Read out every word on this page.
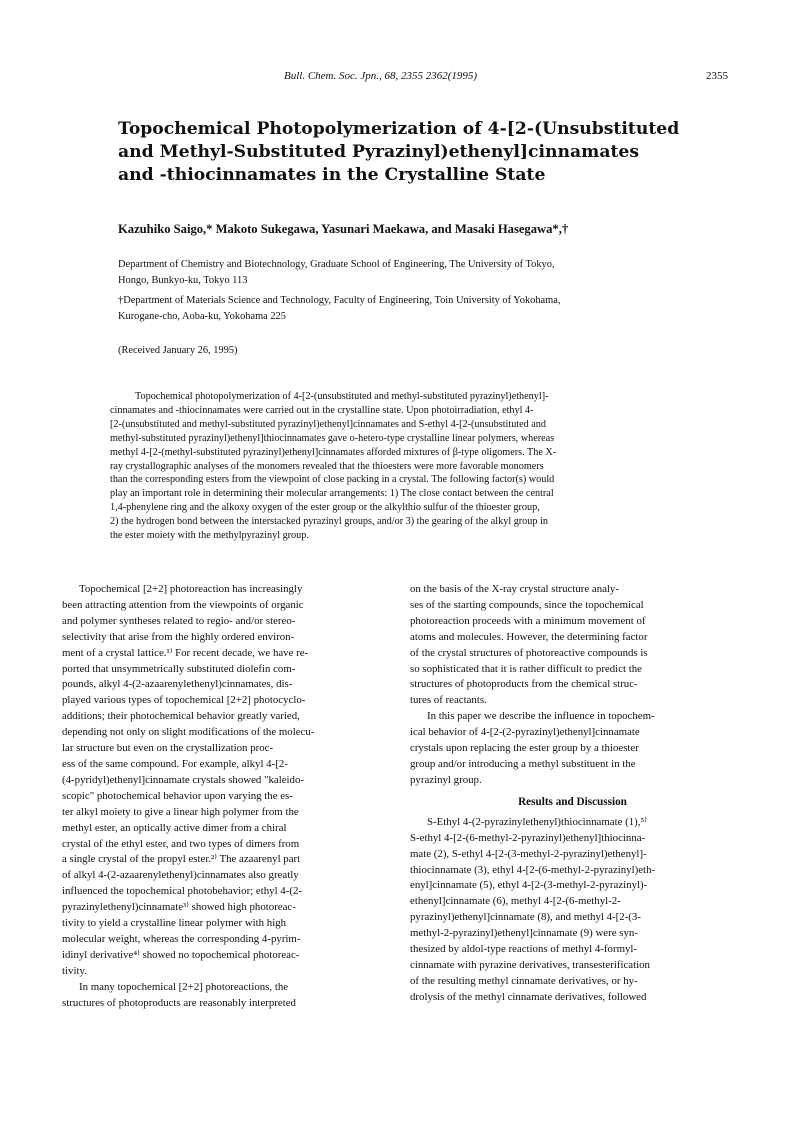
Bull. Chem. Soc. Jpn., 68, 2355 2362(1995)	2355
Topochemical Photopolymerization of 4-[2-(Unsubstituted
and Methyl-Substituted Pyrazinyl)ethenyl]cinnamates
and -thiocinnamates in the Crystalline State

Kazuhiko Saigo,* Makoto Sukegawa, Yasunari Maekawa, and Masaki Hasegawa*,†

Department of Chemistry and Biotechnology, Graduate School of Engineering, The University of Tokyo,
Hongo, Bunkyo-ku, Tokyo 113

†Department of Materials Science and Technology, Faculty of Engineering, Toin University of Yokohama,
Kurogane-cho, Aoba-ku, Yokohama 225

(Received January 26, 1995)

Topochemical photopolymerization of 4-[2-(unsubstituted and methyl-substituted pyrazinyl)ethenyl]-
cinnamates and -thiocinnamates were carried out in the crystalline state. Upon photoirradiation, ethyl 4-
[2-(unsubstituted and methyl-substituted pyrazinyl)ethenyl]cinnamates and S-ethyl 4-[2-(unsubstituted and
methyl-substituted pyrazinyl)ethenyl]thiocinnamates gave o-hetero-type crystalline linear polymers, whereas
methyl 4-[2-(methyl-substituted pyrazinyl)ethenyl]cinnamates afforded mixtures of β-type oligomers. The X-
ray crystallographic analyses of the monomers revealed that the thioesters were more favorable monomers
than the corresponding esters from the viewpoint of close packing in a crystal. The following factor(s) would
play an important role in determining their molecular arrangements: 1) The close contact between the central
1,4-phenylene ring and the alkoxy oxygen of the ester group or the alkylthio sulfur of the thioester group,
2) the hydrogen bond between the interstacked pyrazinyl groups, and/or 3) the gearing of the alkyl group in
the ester moiety with the methylpyrazinyl group.
Topochemical [2+2] photoreaction has increasingly
been attracting attention from the viewpoints of organic
and polymer syntheses related to regio- and/or stereo-
selectivity that arise from the highly ordered environ-
ment of a crystal lattice.¹⁾ For recent decade, we have re-
ported that unsymmetrically substituted diolefin com-
pounds, alkyl 4-(2-azaarenylethenyl)cinnamates, dis-
played various types of topochemical [2+2] photocyclo-
additions; their photochemical behavior greatly varied,
depending not only on slight modifications of the molecu-
lar structure but even on the crystallization proc-
ess of the same compound. For example, alkyl 4-[2-
(4-pyridyl)ethenyl]cinnamate crystals showed "kaleido-
scopic" photochemical behavior upon varying the es-
ter alkyl moiety to give a linear high polymer from the
methyl ester, an optically active dimer from a chiral
crystal of the ethyl ester, and two types of dimers from
a single crystal of the propyl ester.²⁾ The azaarenyl part
of alkyl 4-(2-azaarenylethenyl)cinnamates also greatly
influenced the topochemical photobehavior; ethyl 4-(2-
pyrazinylethenyl)cinnamate³⁾ showed high photoreac-
tivity to yield a crystalline linear polymer with high
molecular weight, whereas the corresponding 4-pyrim-
idinyl derivative⁴⁾ showed no topochemical photoreac-
tivity.
In many topochemical [2+2] photoreactions, the
structures of photoproducts are reasonably interpreted
on the basis of the X-ray crystal structure analy-
ses of the starting compounds, since the topochemical
photoreaction proceeds with a minimum movement of
atoms and molecules. However, the determining factor
of the crystal structures of photoreactive compounds is
so sophisticated that it is rather difficult to predict the
structures of photoproducts from the chemical struc-
tures of reactants.
In this paper we describe the influence in topochem-
ical behavior of 4-[2-(2-pyrazinyl)ethenyl]cinnamate
crystals upon replacing the ester group by a thioester
group and/or introducing a methyl substituent in the
pyrazinyl group.
Results and Discussion
S-Ethyl 4-(2-pyrazinylethenyl)thiocinnamate (1),⁵⁾
S-ethyl 4-[2-(6-methyl-2-pyrazinyl)ethenyl]thiocinna-
mate (2), S-ethyl 4-[2-(3-methyl-2-pyrazinyl)ethenyl]-
thiocinnamate (3), ethyl 4-[2-(6-methyl-2-pyrazinyl)eth-
enyl]cinnamate (5), ethyl 4-[2-(3-methyl-2-pyrazinyl)-
ethenyl]cinnamate (6), methyl 4-[2-(6-methyl-2-
pyrazinyl)ethenyl]cinnamate (8), and methyl 4-[2-(3-
methyl-2-pyrazinyl)ethenyl]cinnamate (9) were syn-
thesized by aldol-type reactions of methyl 4-formyl-
cinnamate with pyrazine derivatives, transesterification
of the resulting methyl cinnamate derivatives, or hy-
drolysis of the methyl cinnamate derivatives, followed
